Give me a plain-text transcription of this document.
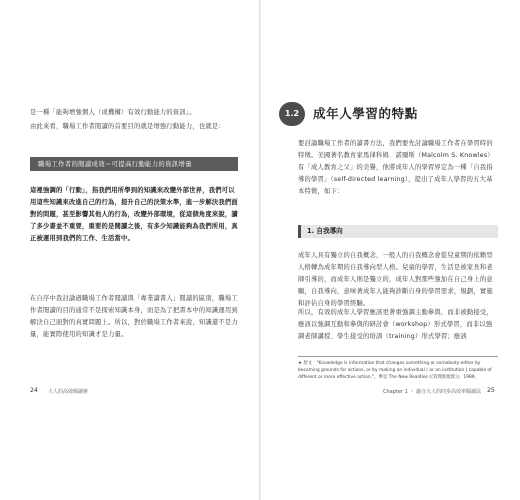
是一種「能夠增強個人（或機構）有效行動能力的資訊」。

由此來看，職場工作者閱讀的首要目的就是增強行動能力，也就是：

職場工作者的閱讀成效＝可提高行動能力的資訊增量

這裡強調的「行動」，指我們用所學到的知識來改變外部世界，我們可以用這些知識來改進自己的行為，提升自己的決策水準，進一步解決我們面對的問題，甚至影響其他人的行為，改變外部環境，從這個角度來說，讀了多少書並不重要，重要的是閱讀之後，有多少知識能夠為我們所用，真正被運用到我們的工作、生活當中。

在自序中我討論過職場工作者閱讀與「專業讀書人」閱讀的區別，職場工作者閱讀的目的通常不是探索知識本身，而是為了把書本中的知識運用到解決自己面對的真實問題上。所以，對於職場工作者來說，知識還不是力量，能實際使用的知識才是力量。

24 大人的高效閱讀術
1.2	成年人學習的特點

要討論職場工作者的讀書方法，我們要先討論職場工作者在學習時的特徵。美國著名教育家馬律科姆．諾爾斯（Malcolm S. Knowles）有「成人教育之父」的美譽，他將成年人的學習界定為一種「自我指導的學習」（self-directed learning），提出了成年人學習的五大基本特徵，如下：

1. 自我導向

成年人具有獨立的自我概念，一般人的自我概念會從兒童期的依賴型人格轉為成年期的自我導向型人格。兒童的學習，生活是被家長和老師引導的，而成年人則是獨立的，成年人對那些強加在自己身上的意願，自我導向，意味著成年人能夠診斷自身的學習需求，規劃，實施和評估自身的學習經驗。

所以，有效的成年人學習應該更著重強調主動參與，而非被動接受，應該以強調互動和參與的研討會（workshop）形式學習，而非以強調老師講授、學生接受的培訓（training）形式學習；應該

★ 原文："Knowledge is information that changes something or somebody-either by becoming grounds for actions, or by making an individual ( or an institution ) capable of different or more effective action."，參見 The New Realities (《管理新現實》)，1989。

Chapter 1 ・ 適合大人的四步高效率閱讀法 25
